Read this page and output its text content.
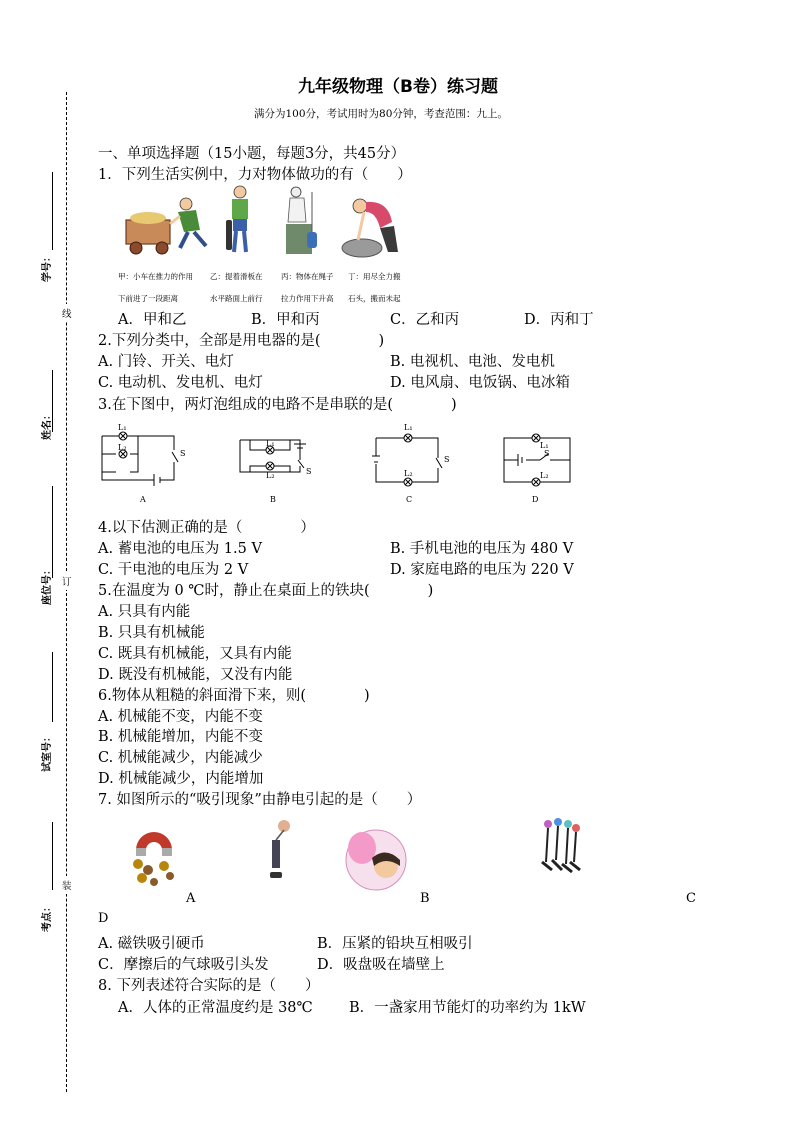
学号：
姓名：
座位号：
试室号：
考点：
线
订
装
九年级物理（B卷）练习题
满分为100分，考试用时为80分钟，考查范围：九上。
一、单项选择题（15小题，每题3分，共45分）
1．下列生活实例中，力对物体做功的有（　　）
甲：小车在推力的作用 乙：提着滑板在 丙：物体在绳子 丁：用尽全力搬
下前进了一段距离	水平路面上前行 拉力作用下升高 石头，搬而未起
A．甲和乙	B．甲和丙	C．乙和丙	D．丙和丁
2.下列分类中，全部是用电器的是(　　　　)
A. 门铃、开关、电灯	B. 电视机、电池、发电机
C. 电动机、发电机、电灯	D. 电风扇、电饭锅、电冰箱
3.在下图中，两灯泡组成的电路不是串联的是(　　　　)
L₁
L₂
S
L₁
L₂	S
L₁
L₂
S
L₁
L₂
S
A	B	C	D
4.以下估测正确的是（　　　　）
A. 蓄电池的电压为 1.5 V	B. 手机电池的电压为 480 V
C. 干电池的电压为 2 V	D. 家庭电路的电压为 220 V
5.在温度为 0 ℃时，静止在桌面上的铁块(　　　　)
A. 只具有内能
B. 只具有机械能
C. 既具有机械能，又具有内能
D. 既没有机械能，又没有内能
6.物体从粗糙的斜面滑下来，则(　　　　)
A. 机械能不变，内能不变
B. 机械能增加，内能不变
C. 机械能减少，内能减少
D. 机械能减少，内能增加
7. 如图所示的“吸引现象”由静电引起的是（　　）
A	B	C
D
A. 磁铁吸引硬币	B．压紧的铅块互相吸引
C．摩擦后的气球吸引头发	D．吸盘吸在墙壁上
8. 下列表述符合实际的是（　　）
A．人体的正常温度约是 38℃ B．一盏家用节能灯的功率约为 1kW
